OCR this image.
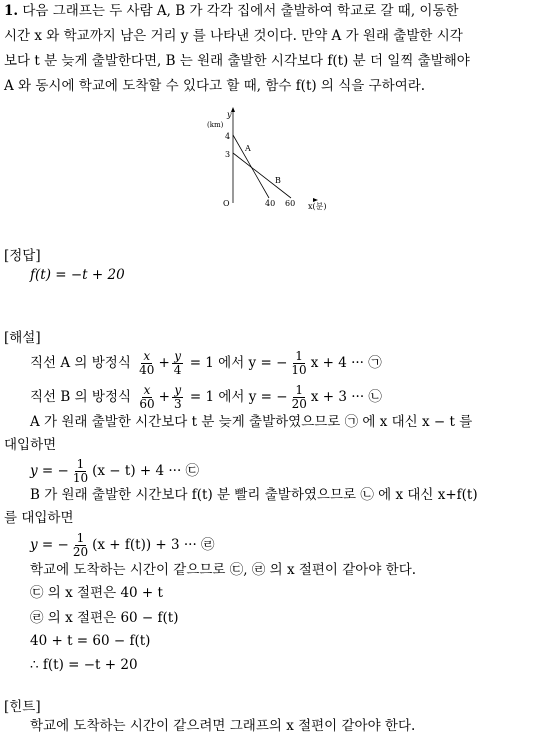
1. 다음 그래프는 두 사람 A, B 가 각각 집에서 출발하여 학교로 갈 때, 이동한
시간 x 와 학교까지 남은 거리 y 를 나타낸 것이다. 만약 A 가 원래 출발한 시각
보다 t 분 늦게 출발한다면, B 는 원래 출발한 시각보다 f(t) 분 더 일찍 출발해야
A 와 동시에 학교에 도착할 수 있다고 할 때, 함수 f(t) 의 식을 구하여라.
y
(km)
4
3
O	40 60 x(분)
A
B
[정답]
f(t) = −t + 20
[해설]
직선 A 의 방정식 $\frac{x}{40} + \frac{y}{4} = 1$ 에서 y = − $\frac{1}{10}$ x + 4 ··· ㉠
직선 B 의 방정식 $\frac{x}{60} + \frac{y}{3} = 1$ 에서 y = − $\frac{1}{20}$ x + 3 ··· ㉡
A 가 원래 출발한 시간보다 t 분 늦게 출발하였으므로 ㉠ 에 x 대신 x − t 를
대입하면
y = − $\frac{1}{10} (x - t) + 4$ ··· ㉢
B 가 원래 출발한 시간보다 f(t) 분 빨리 출발하였으므로 ㉡ 에 x 대신 x+f(t)
를 대입하면
y = − $\frac{1}{20} (x + f(t)) + 3$ ··· ㉣
학교에 도착하는 시간이 같으므로 ㉢, ㉣ 의 x 절편이 같아야 한다.
㉢ 의 x 절편은 40 + t
㉣ 의 x 절편은 60 − f(t)
40 + t = 60 − f(t)
∴ f(t) = −t + 20
[힌트]
학교에 도착하는 시간이 같으려면 그래프의 x 절편이 같아야 한다.
